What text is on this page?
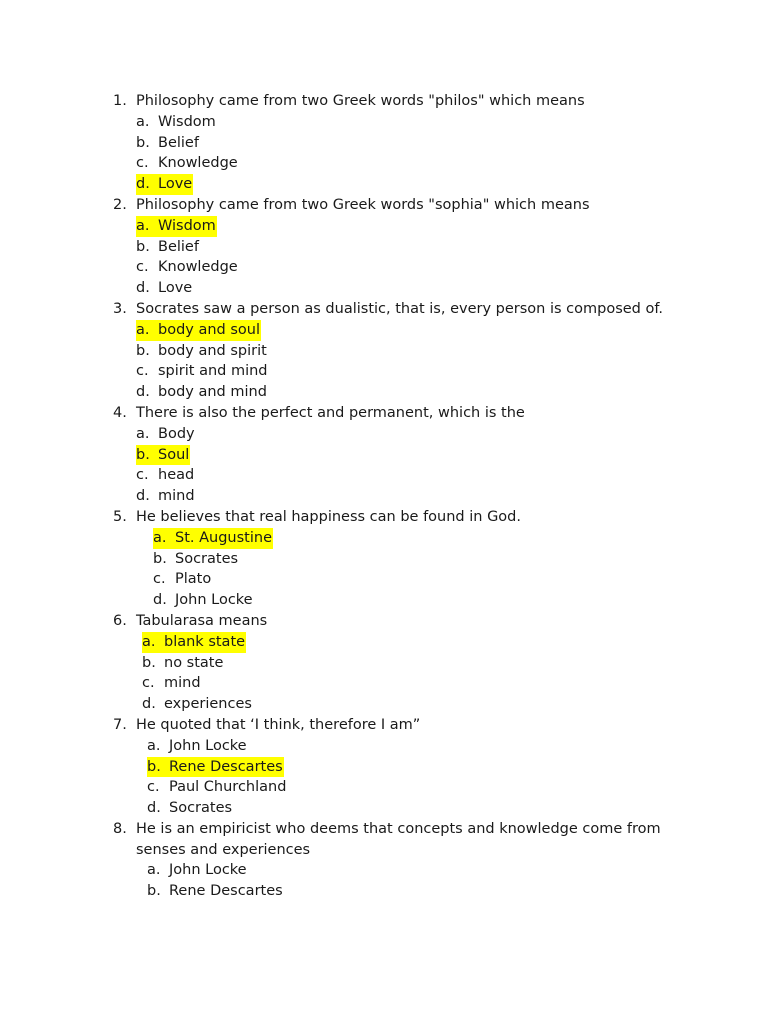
1. Philosophy came from two Greek words "philos" which means
a. Wisdom
b. Belief
c. Knowledge
d. Love
2. Philosophy came from two Greek words "sophia" which means
a. Wisdom
b. Belief
c. Knowledge
d. Love
3. Socrates saw a person as dualistic, that is, every person is composed of.
a. body and soul
b. body and spirit
c. spirit and mind
d. body and mind
4. There is also the perfect and permanent, which is the
a. Body
b. Soul
c. head
d. mind
5. He believes that real happiness can be found in God.
a. St. Augustine
b. Socrates
c. Plato
d. John Locke
6. Tabularasa means
a. blank state
b. no state
c. mind
d. experiences
7. He quoted that ‘I think, therefore I am”
a. John Locke
b. Rene Descartes
c. Paul Churchland
d. Socrates
8. He is an empiricist who deems that concepts and knowledge come from senses and experiences
a. John Locke
b. Rene Descartes
